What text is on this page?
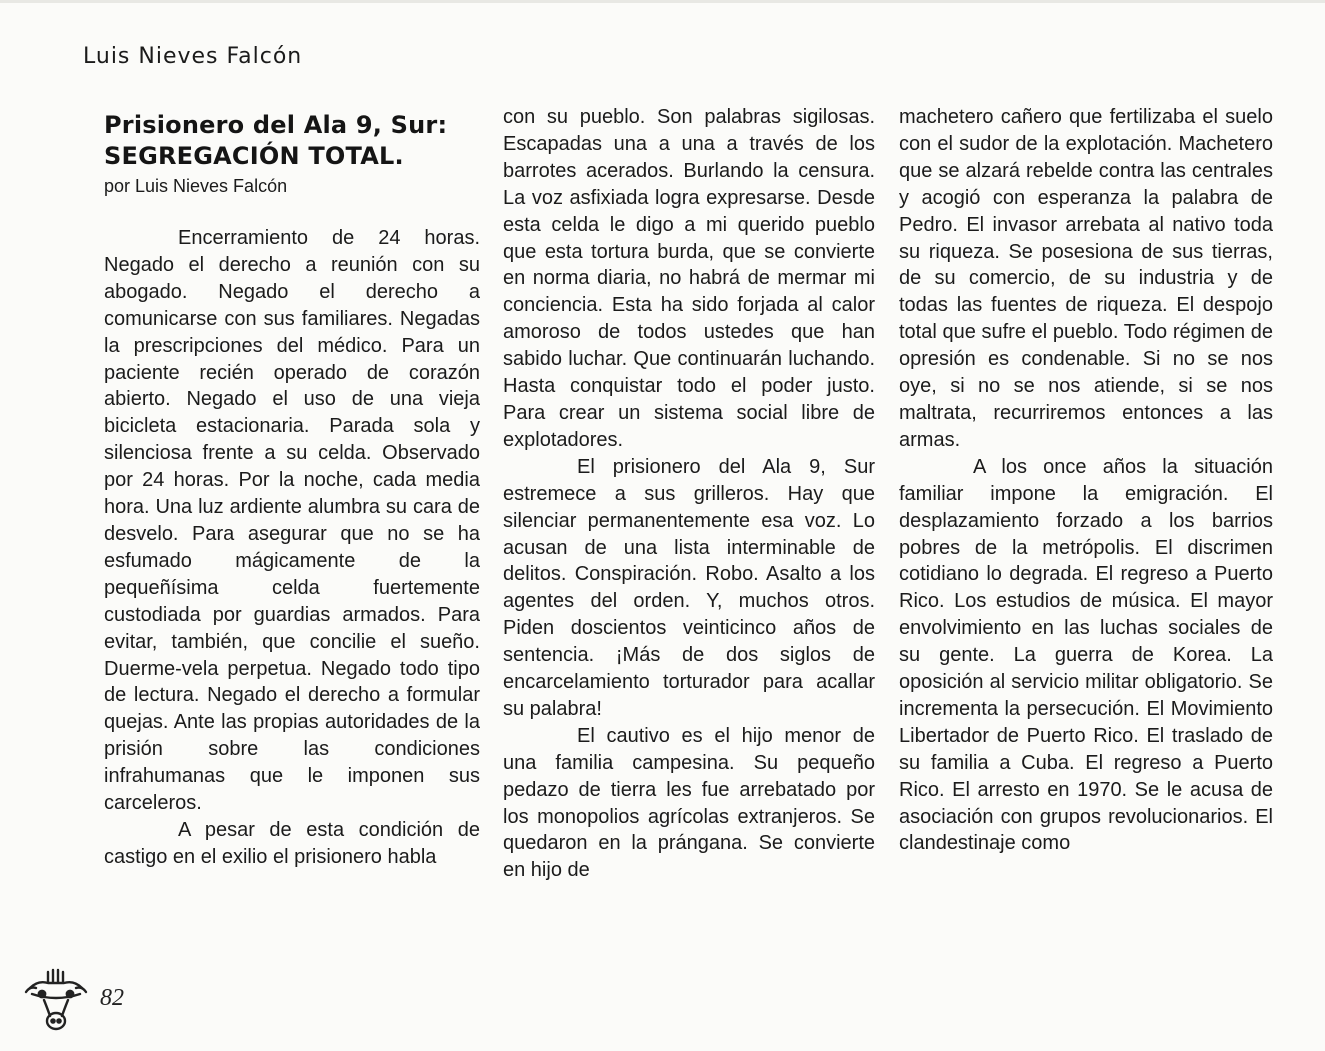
Luis Nieves Falcón
Prisionero del Ala 9, Sur:
SEGREGACIÓN TOTAL.
por Luis Nieves Falcón

Encerramiento de 24 horas. Negado el derecho a reunión con su abogado. Negado el derecho a comunicarse con sus familiares. Negadas la prescripciones del médico. Para un paciente recién operado de corazón abierto. Negado el uso de una vieja bicicleta estacionaria. Parada sola y silenciosa frente a su celda. Observado por 24 horas. Por la noche, cada media hora. Una luz ardiente alumbra su cara de desvelo. Para asegurar que no se ha esfumado mágicamente de la pequeñísima celda fuertemente custodiada por guardias armados. Para evitar, también, que concilie el sueño. Duerme-vela perpetua. Negado todo tipo de lectura. Negado el derecho a formular quejas. Ante las propias autoridades de la prisión sobre las condiciones infrahumanas que le imponen sus carceleros.

A pesar de esta condición de castigo en el exilio el prisionero habla

con su pueblo. Son palabras sigilosas. Escapadas una a una a través de los barrotes acerados. Burlando la censura. La voz asfixiada logra expresarse. Desde esta celda le digo a mi querido pueblo que esta tortura burda, que se convierte en norma diaria, no habrá de mermar mi conciencia. Esta ha sido forjada al calor amoroso de todos ustedes que han sabido luchar. Que continuarán luchando. Hasta conquistar todo el poder justo. Para crear un sistema social libre de explotadores.

El prisionero del Ala 9, Sur estremece a sus grilleros. Hay que silenciar permanentemente esa voz. Lo acusan de una lista interminable de delitos. Conspiración. Robo. Asalto a los agentes del orden. Y, muchos otros. Piden doscientos veinticinco años de sentencia. ¡Más de dos siglos de encarcelamiento torturador para acallar su palabra!

El cautivo es el hijo menor de una familia campesina. Su pequeño pedazo de tierra les fue arrebatado por los monopolios agrícolas extranjeros. Se quedaron en la prángana. Se convierte en hijo de

machetero cañero que fertilizaba el suelo con el sudor de la explotación. Machetero que se alzará rebelde contra las centrales y acogió con esperanza la palabra de Pedro. El invasor arrebata al nativo toda su riqueza. Se posesiona de sus tierras, de su comercio, de su industria y de todas las fuentes de riqueza. El despojo total que sufre el pueblo. Todo régimen de opresión es condenable. Si no se nos oye, si no se nos atiende, si se nos maltrata, recurriremos entonces a las armas.

A los once años la situación familiar impone la emigración. El desplazamiento forzado a los barrios pobres de la metrópolis. El discrimen cotidiano lo degrada. El regreso a Puerto Rico. Los estudios de música. El mayor envolvimiento en las luchas sociales de su gente. La guerra de Korea. La oposición al servicio militar obligatorio. Se incrementa la persecución. El Movimiento Libertador de Puerto Rico. El traslado de su familia a Cuba. El regreso a Puerto Rico. El arresto en 1970. Se le acusa de asociación con grupos revolucionarios. El clandestinaje como

82
